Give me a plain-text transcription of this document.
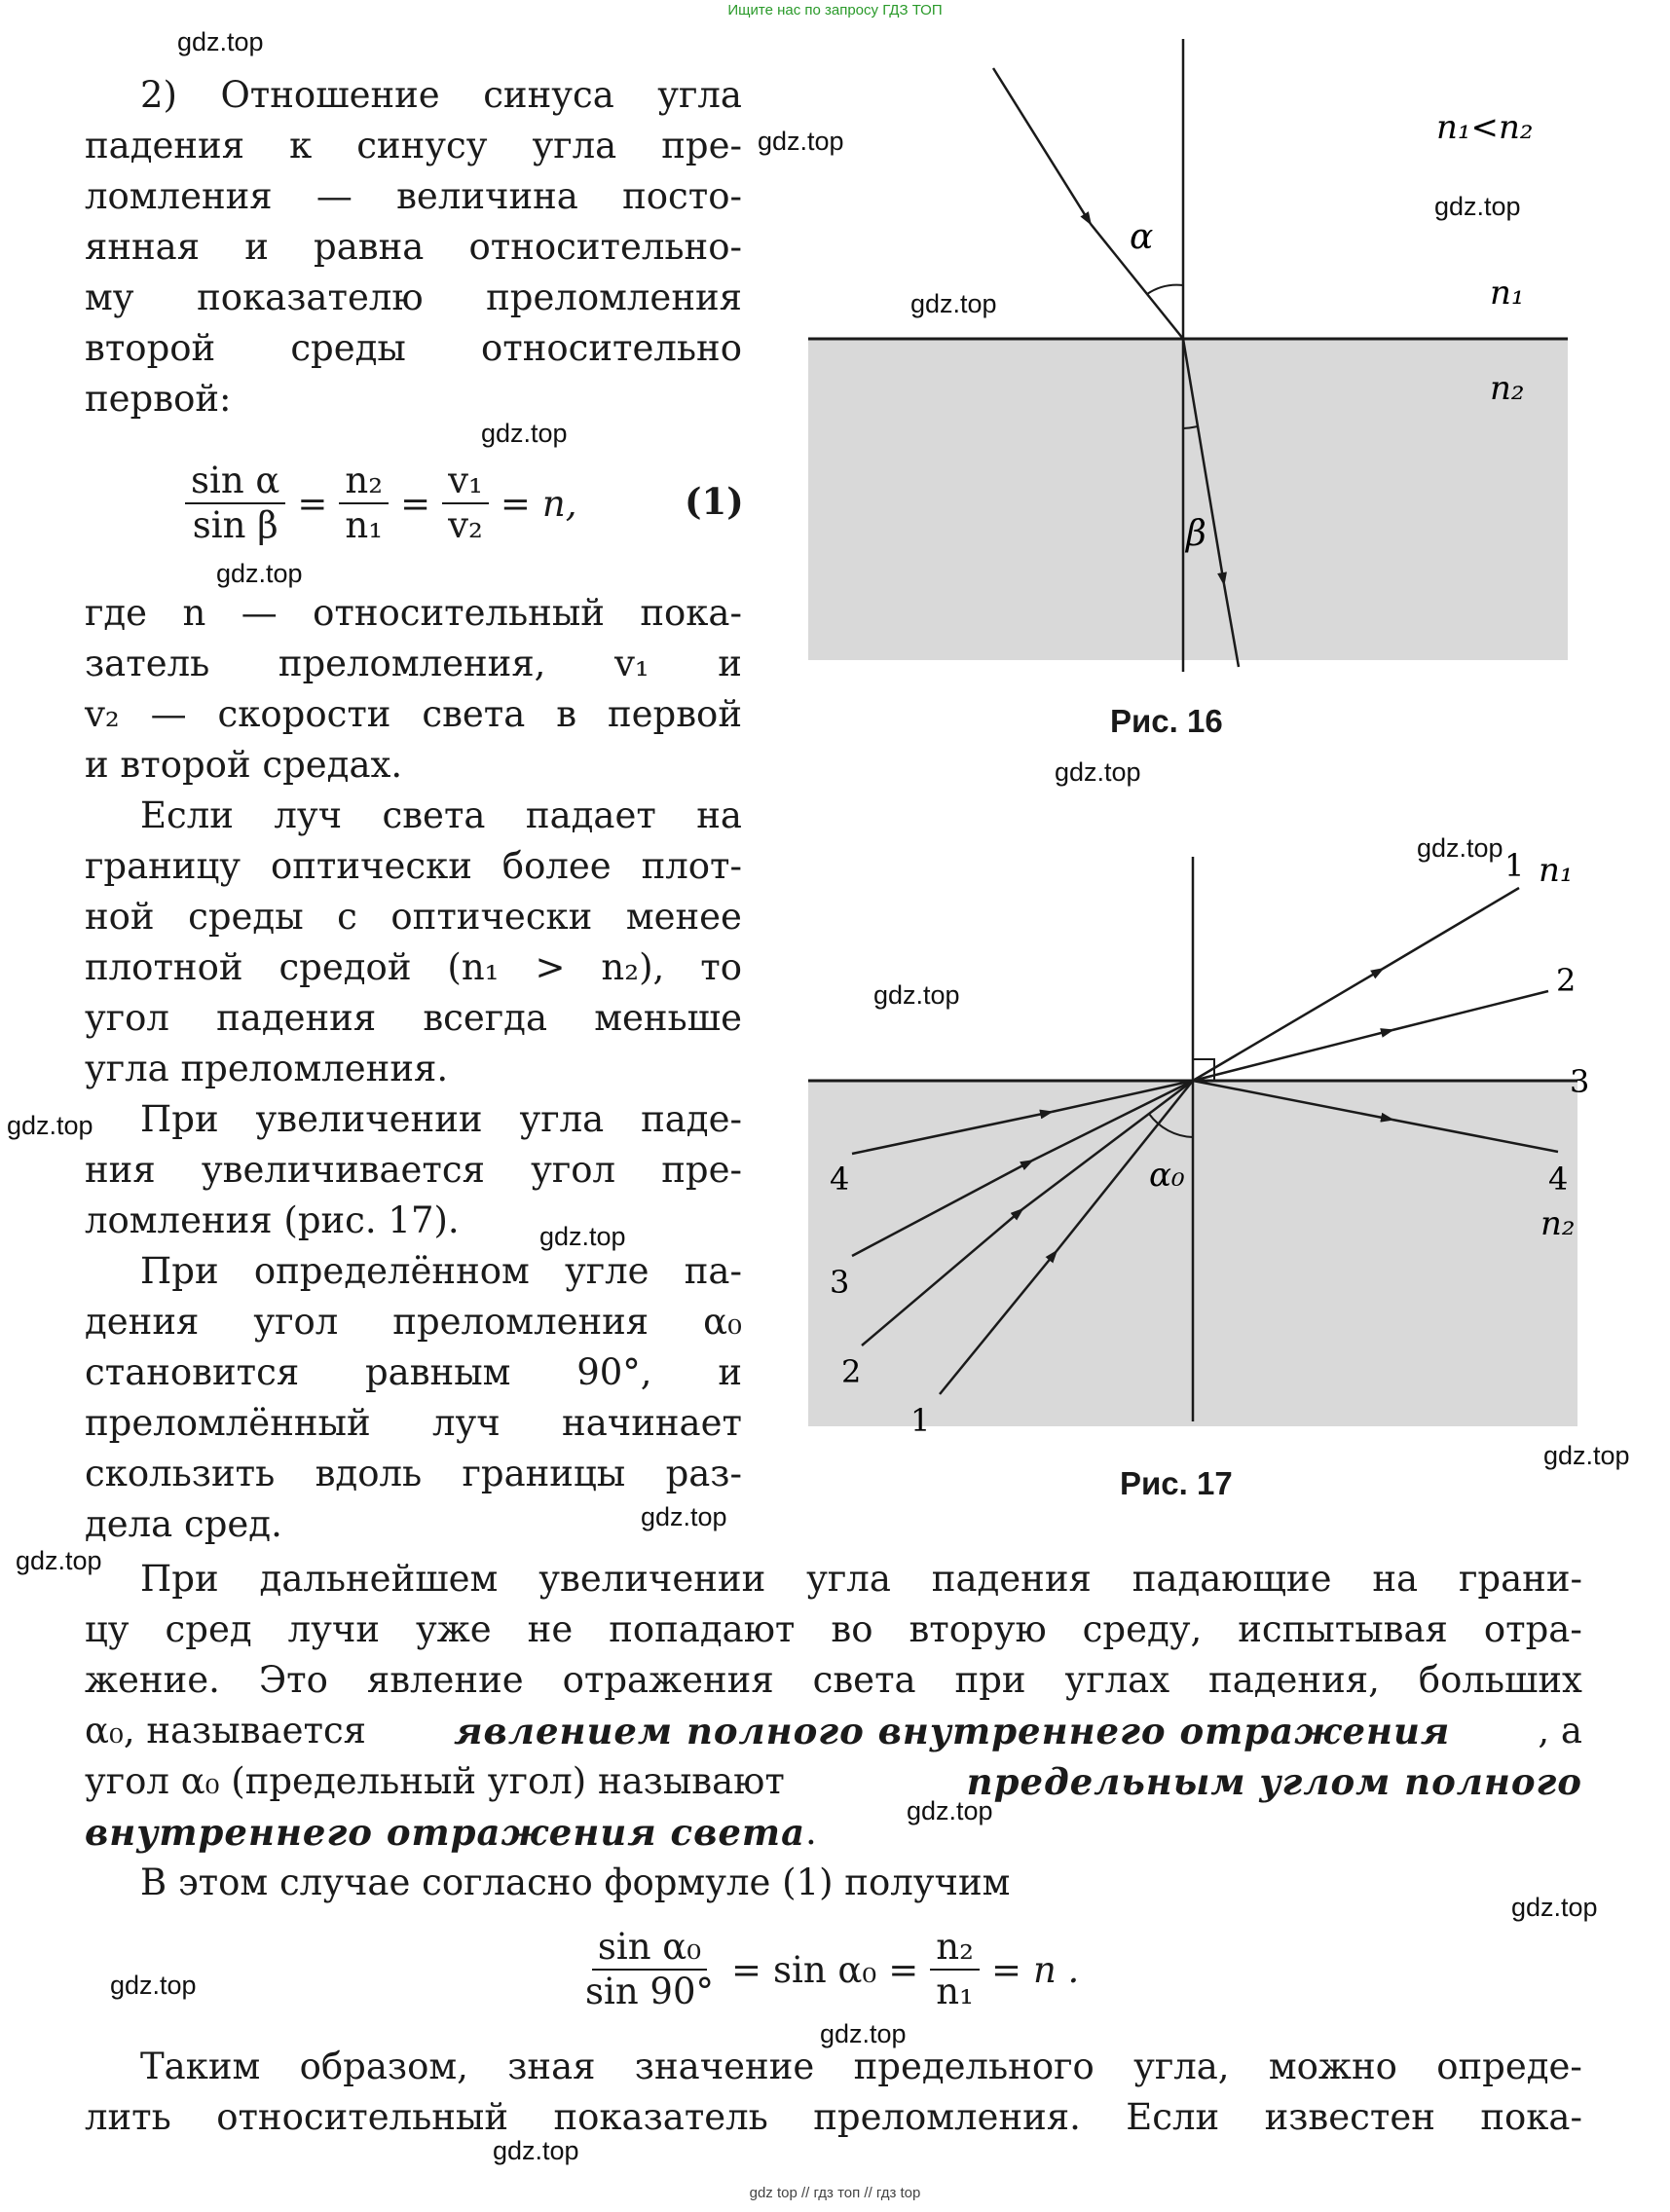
Ищите нас по запросу ГДЗ ТОП
gdz top // гдз топ // гдз top
gdz.top
gdz.top
gdz.top
gdz.top
gdz.top
gdz.top
gdz.top
gdz.top
gdz.top
gdz.top
gdz.top
gdz.top
gdz.top
gdz.top
gdz.top
gdz.top
gdz.top
gdz.top
gdz.top
2) Отношение синуса угла
падения к синусу угла пре-
ломления — величина посто-
янная и равна относительно-
му показателю преломления
второй среды относительно
первой:
$\frac{\text{sin α}}{\text{sin β}} = \frac{\text{n₂}}{\text{n₁}} = \frac{\text{v₁}}{\text{v₂}} = n$,	(1)
где n — относительный пока-
затель преломления, v₁ и
v₂ — скорости света в первой
и второй средах.
Если луч света падает на
границу оптически более плот-
ной среды с оптически менее
плотной средой (n₁ > n₂), то
угол падения всегда меньше
угла преломления.
При увеличении угла паде-
ния увеличивается угол пре-
ломления (рис. 17).
При определённом угле па-
дения угол преломления α₀
становится равным 90°, и
преломлённый луч начинает
скользить вдоль границы раз-
дела сред.
α
β
n₁<n₂
n₁
n₂
Рис. 16
1
2
3
4
4
3
2
1
α₀
n₁
n₂
Рис. 17
При дальнейшем увеличении угла падения падающие на грани-
цу сред лучи уже не попадают во вторую среду, испытывая отра-
жение. Это явление отражения света при углах падения, больших
α₀, называется явлением полного внутреннего отражения , а
угол α₀ (предельный угол) называют	предельным углом полного
внутреннего отражения света .
В этом случае согласно формуле (1) получим
$\frac{\text{sin α₀}}{\sin 90^\circ} = \sin \alpha_0 = \frac{\text{n₂}}{\text{n₁}} = n$ .
Таким образом, зная значение предельного угла, можно опреде-
лить относительный показатель преломления. Если известен пока-
